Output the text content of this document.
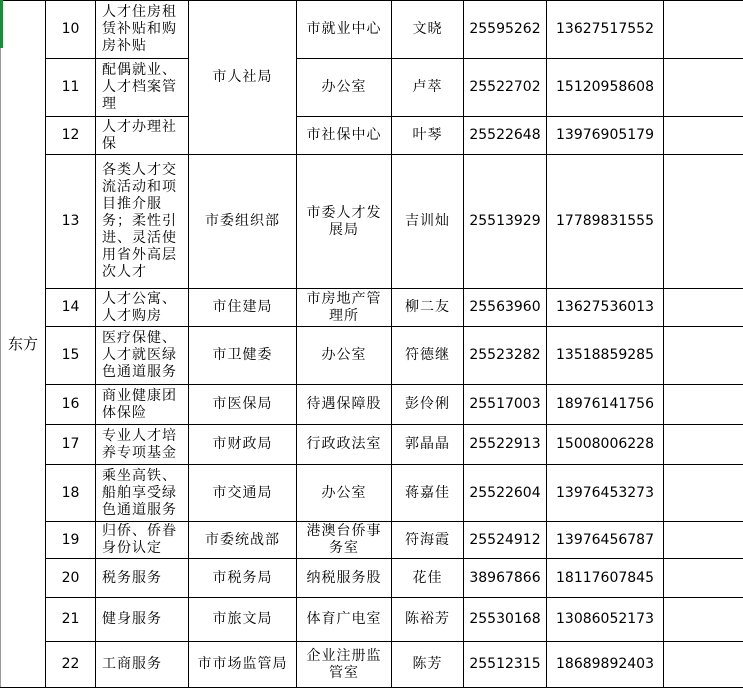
东方	10	人才住房租赁补贴和购房补贴	市人社局	市就业中心	文晓	25595262	13627517552	
	11	配偶就业、人才档案管理		办公室	卢萃	25522702	15120958608	
	12	人才办理社保		市社保中心	叶琴	25522648	13976905179	
	13	各类人才交流活动和项目推介服务；柔性引进、灵活使用省外高层次人才	市委组织部	市委人才发展局	吉训灿	25513929	17789831555	
	14	人才公寓、人才购房	市住建局	市房地产管理所	柳二友	25563960	13627536013	
	15	医疗保健、人才就医绿色通道服务	市卫健委	办公室	符德继	25523282	13518859285	
	16	商业健康团体保险	市医保局	待遇保障股	彭伶俐	25517003	18976141756	
	17	专业人才培养专项基金	市财政局	行政政法室	郭晶晶	25522913	15008006228	
	18	乘坐高铁、船舶享受绿色通道服务	市交通局	办公室	蒋嘉佳	25522604	13976453273	
	19	归侨、侨眷身份认定	市委统战部	港澳台侨事务室	符海霞	25524912	13976456787	
	20	税务服务	市税务局	纳税服务股	花佳	38967866	18117607845	
	21	健身服务	市旅文局	体育广电室	陈裕芳	25530168	13086052173	
	22	工商服务	市市场监管局	企业注册监管室	陈芳	25512315	18689892403	
